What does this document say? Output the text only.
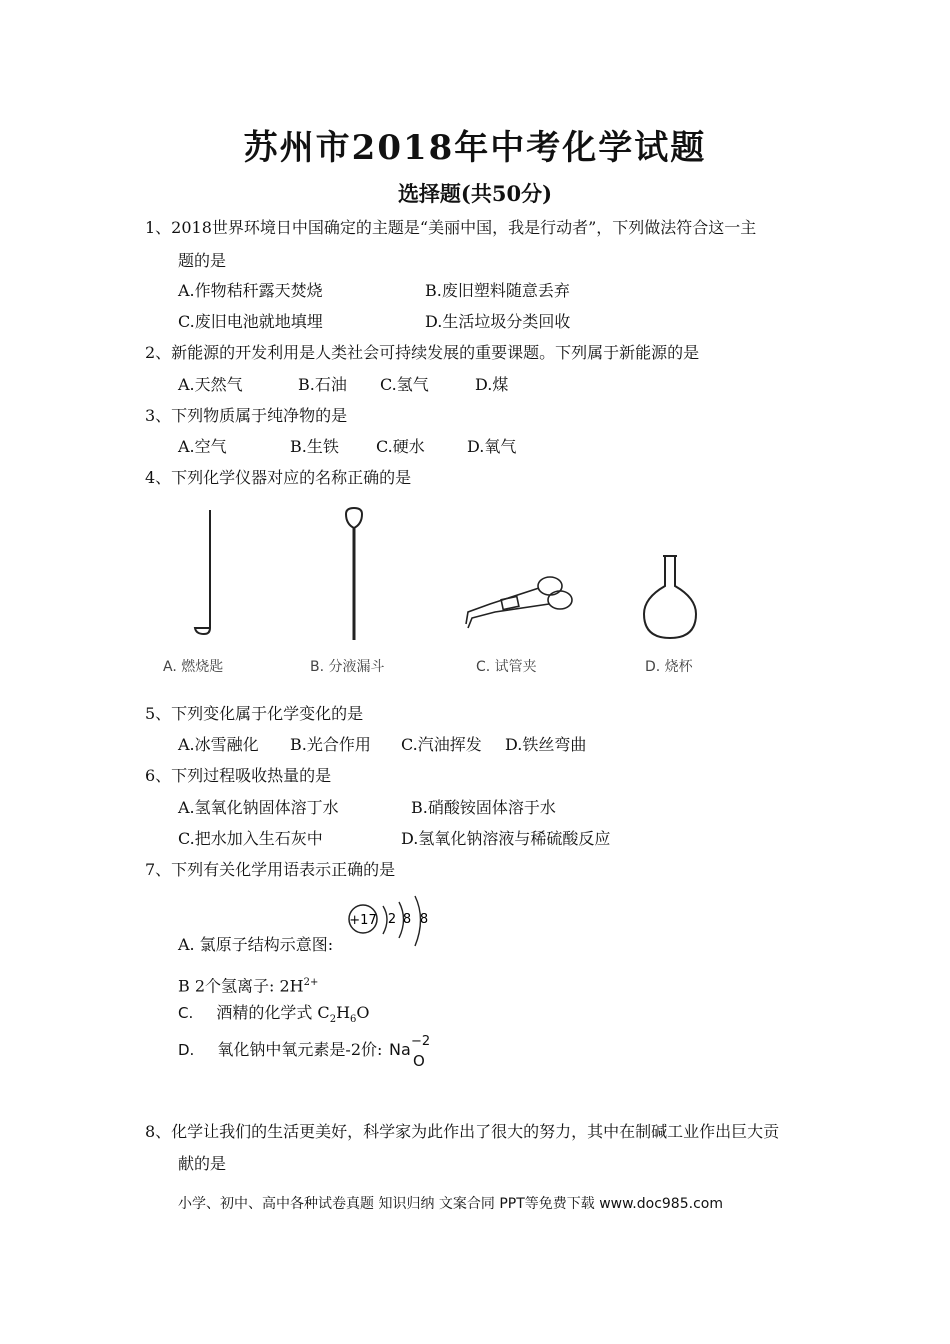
苏州市2018年中考化学试题
选择题(共50分)
1、2018世界环境日中国确定的主题是“美丽中国，我是行动者”，下列做法符合这一主
题的是
A.作物秸秆露天焚烧	B.废旧塑料随意丢弃
C.废旧电池就地填埋	D.生活垃圾分类回收
2、新能源的开发利用是人类社会可持续发展的重要课题。下列属于新能源的是
A.天然气	B.石油 C.氢气	D.煤
3、下列物质属于纯净物的是
A.空气	B.生铁 C.硬水	D.氧气
4、下列化学仪器对应的名称正确的是
A. 燃烧匙	B. 分液漏斗	C. 试管夹	D. 烧杯
5、下列变化属于化学变化的是
A.冰雪融化 B.光合作用 C.汽油挥发 D.铁丝弯曲
6、下列过程吸收热量的是
A.氢氧化钠固体溶丁水	B.硝酸铵固体溶于水
C.把水加入生石灰中	D.氢氧化钠溶液与稀硫酸反应
7、下列有关化学用语表示正确的是
A. 氯原子结构示意图:
+17 2 8 8
B 2个氢离子: $2H^{2+}$
C. 酒精的化学式 $C_2H_6O$
D. 氧化钠中氧元素是-2价: Na −2
O
8、化学让我们的生活更美好，科学家为此作出了很大的努力，其中在制碱工业作出巨大贡
献的是
小学、初中、高中各种试卷真题 知识归纳 文案合同 PPT等免费下载 www.doc985.com
